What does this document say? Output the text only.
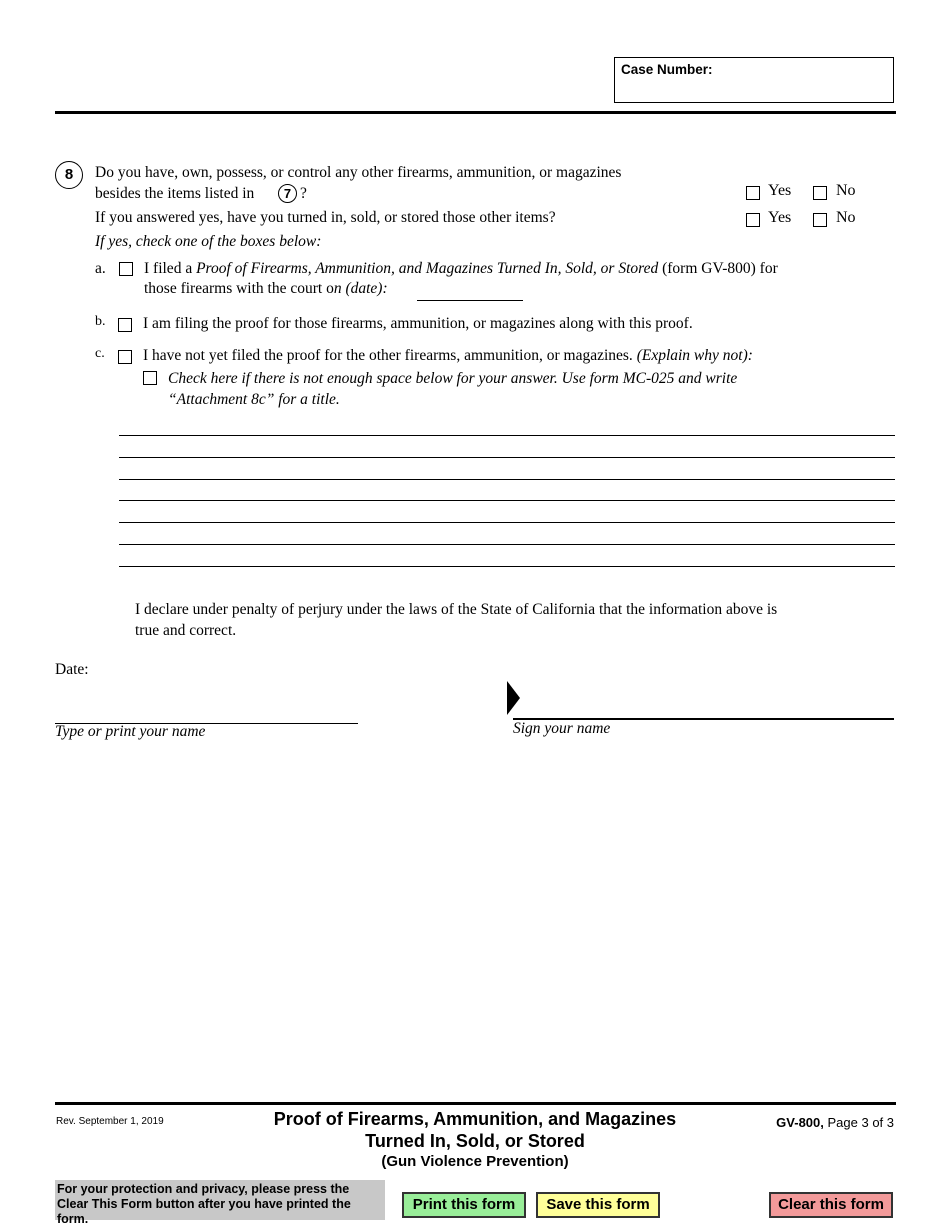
Case Number:
8	Do you have, own, possess, or control any other firearms, ammunition, or magazines
besides the items listed in	7 ?	Yes	No
If you answered yes, have you turned in, sold, or stored those other items?	Yes	No
If yes, check one of the boxes below:
a. I filed a Proof of Firearms, Ammunition, and Magazines Turned In, Sold, or Stored (form GV-800) for
those firearms with the court on (date):
b. I am filing the proof for those firearms, ammunition, or magazines along with this proof.
c. I have not yet filed the proof for the other firearms, ammunition, or magazines. (Explain why not):
Check here if there is not enough space below for your answer. Use form MC-025 and write
“Attachment 8c” for a title.
I declare under penalty of perjury under the laws of the State of California that the information above is
true and correct.
Date:
Type or print your name	Sign your name
Rev. September 1, 2019	Proof of Firearms, Ammunition, and Magazines
Turned In, Sold, or Stored
(Gun Violence Prevention)
GV-800, Page 3 of 3
For your protection and privacy, please press the Clear This Form button after you have printed the form.
Print this form	Save this form	Clear this form
